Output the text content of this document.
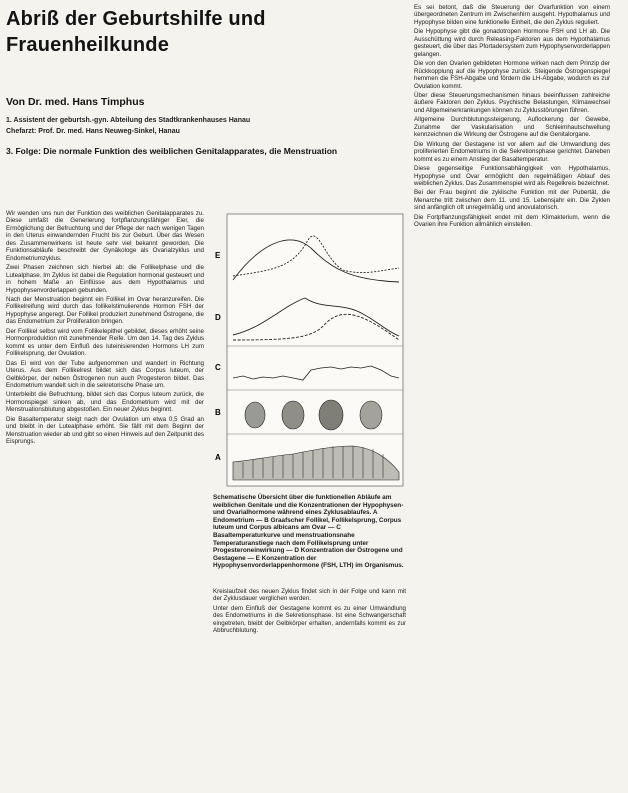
Abriß der Geburtshilfe und
Frauenheilkunde
Von Dr. med. Hans Timphus
1. Assistent der geburtsh.-gyn. Abteilung des Stadtkrankenhauses Hanau
Chefarzt: Prof. Dr. med. Hans Neuweg-Sinkel, Hanau
3. Folge: Die normale Funktion des weiblichen Genitalapparates, die Menstruation

Wir wenden uns nun der Funktion des weiblichen Genitalapparates zu. Diese umfaßt die Generierung fortpflanzungsfähiger Eier, die Ermöglichung der Befruchtung und der Pflege der nach wenigen Tagen in den Uterus einwandernden Frucht bis zur Geburt. Über das Wesen des Zusammenwirkens ist heute sehr viel bekannt geworden. Die Funktionsabläufe beschreibt der Gynäkologe als Ovarialzyklus und Endometriumzyklus.

Zwei Phasen zeichnen sich hierbei ab: die Follikelphase und die Lutealphase. Im Zyklus ist dabei die Regulation hormonal gesteuert und in hohem Maße an Einflüsse aus dem Hypothalamus und Hypophysenvorderlappen gebunden.

Nach der Menstruation beginnt ein Follikel im Ovar heranzureifen. Die Follikelreifung wird durch das follikelstimulierende Hormon FSH der Hypophyse angeregt. Der Follikel produziert zunehmend Östrogene, die das Endometrium zur Proliferation bringen.

Der Follikel selbst wird vom Follikelepithel gebildet, dieses erhöht seine Hormonproduktion mit zunehmender Reife. Um den 14. Tag des Zyklus kommt es unter dem Einfluß des luteinisierenden Hormons LH zum Follikelsprung, der Ovulation.

Das Ei wird von der Tube aufgenommen und wandert in Richtung Uterus. Aus dem Follikelrest bildet sich das Corpus luteum, der Gelbkörper, der neben Östrogenen nun auch Progesteron bildet. Das Endometrium wandelt sich in die sekretorische Phase um.

Unterbleibt die Befruchtung, bildet sich das Corpus luteum zurück, die Hormonspiegel sinken ab, und das Endometrium wird mit der Menstruationsblutung abgestoßen. Ein neuer Zyklus beginnt.

Die Basaltemperatur steigt nach der Ovulation um etwa 0,5 Grad an und bleibt in der Lutealphase erhöht. Sie fällt mit dem Beginn der Menstruation wieder ab und gibt so einen Hinweis auf den Zeitpunkt des Eisprungs.

E
D
C
B
A
Schematische Übersicht über die funktionellen Abläufe am weiblichen Genitale und die Konzentrationen der Hypophysen- und Ovarialhormone während eines Zyklusablaufes. A Endometrium — B Graafscher Follikel, Follikelsprung, Corpus luteum und Corpus albicans am Ovar — C Basaltemperaturkurve und menstruationsnahe Temperaturanstiege nach dem Follikelsprung unter Progesteroneinwirkung — D Konzentration der Östrogene und Gestagene — E Konzentration der Hypophysenvorderlappenhormone (FSH, LTH) im Organismus.

Kreislaufzeit des neuen Zyklus findet sich in der Folge und kann mit der Zyklusdauer verglichen werden.

Unter dem Einfluß der Gestagene kommt es zu einer Umwandlung des Endometriums in die Sekretionsphase. Ist eine Schwangerschaft eingetreten, bleibt der Gelbkörper erhalten, andernfalls kommt es zur Abbruchblutung.

Es sei betont, daß die Steuerung der Ovarfunktion von einem übergeordneten Zentrum im Zwischenhirn ausgeht. Hypothalamus und Hypophyse bilden eine funktionelle Einheit, die den Zyklus reguliert.

Die Hypophyse gibt die gonadotropen Hormone FSH und LH ab. Die Ausschüttung wird durch Releasing-Faktoren aus dem Hypothalamus gesteuert, die über das Pfortadersystem zum Hypophysenvorderlappen gelangen.

Die von den Ovarien gebildeten Hormone wirken nach dem Prinzip der Rückkopplung auf die Hypophyse zurück. Steigende Östrogenspiegel hemmen die FSH-Abgabe und fördern die LH-Abgabe, wodurch es zur Ovulation kommt.

Über diese Steuerungsmechanismen hinaus beeinflussen zahlreiche äußere Faktoren den Zyklus. Psychische Belastungen, Klimawechsel und Allgemeinerkrankungen können zu Zyklusstörungen führen.

Allgemeine Durchblutungssteigerung, Auflockerung der Gewebe, Zunahme der Vaskularisation und Schleimhautschwellung kennzeichnen die Wirkung der Östrogene auf die Genitalorgane.

Die Wirkung der Gestagene ist vor allem auf die Umwandlung des proliferierten Endometriums in die Sekretionsphase gerichtet. Daneben kommt es zu einem Anstieg der Basaltemperatur.

Diese gegenseitige Funktionsabhängigkeit von Hypothalamus, Hypophyse und Ovar ermöglicht den regelmäßigen Ablauf des weiblichen Zyklus. Das Zusammenspiel wird als Regelkreis bezeichnet.

Bei der Frau beginnt die zyklische Funktion mit der Pubertät, die Menarche tritt zwischen dem 11. und 15. Lebensjahr ein. Die Zyklen sind anfänglich oft unregelmäßig und anovulatorisch.

Die Fortpflanzungsfähigkeit endet mit dem Klimakterium, wenn die Ovarien ihre Funktion allmählich einstellen.
